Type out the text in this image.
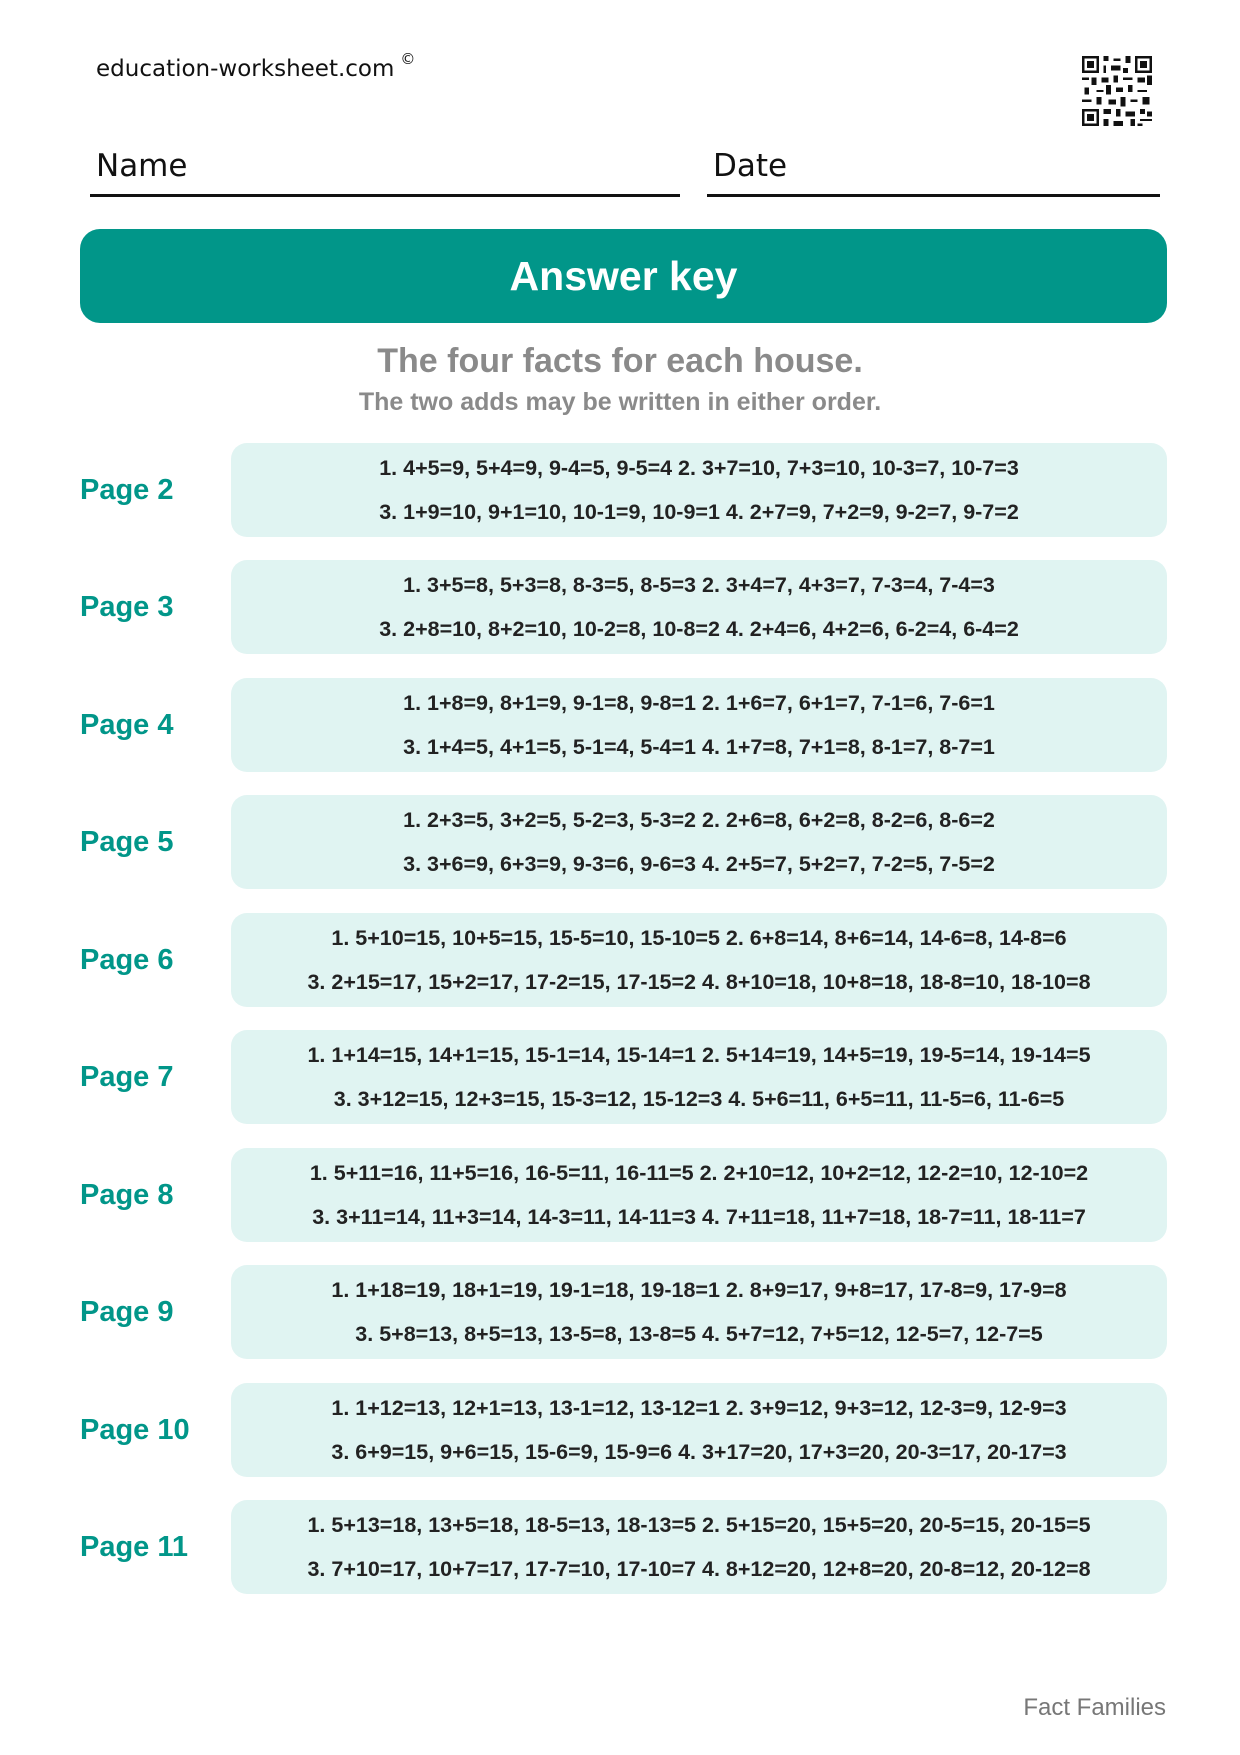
education-worksheet.com ©
Name	Date
Answer key
The four facts for each house.
The two adds may be written in either order.
Page 2
1. 4+5=9, 5+4=9, 9-4=5, 9-5=4 2. 3+7=10, 7+3=10, 10-3=7, 10-7=3
3. 1+9=10, 9+1=10, 10-1=9, 10-9=1 4. 2+7=9, 7+2=9, 9-2=7, 9-7=2
Page 3
1. 3+5=8, 5+3=8, 8-3=5, 8-5=3 2. 3+4=7, 4+3=7, 7-3=4, 7-4=3
3. 2+8=10, 8+2=10, 10-2=8, 10-8=2 4. 2+4=6, 4+2=6, 6-2=4, 6-4=2
Page 4
1. 1+8=9, 8+1=9, 9-1=8, 9-8=1 2. 1+6=7, 6+1=7, 7-1=6, 7-6=1
3. 1+4=5, 4+1=5, 5-1=4, 5-4=1 4. 1+7=8, 7+1=8, 8-1=7, 8-7=1
Page 5
1. 2+3=5, 3+2=5, 5-2=3, 5-3=2 2. 2+6=8, 6+2=8, 8-2=6, 8-6=2
3. 3+6=9, 6+3=9, 9-3=6, 9-6=3 4. 2+5=7, 5+2=7, 7-2=5, 7-5=2
Page 6
1. 5+10=15, 10+5=15, 15-5=10, 15-10=5 2. 6+8=14, 8+6=14, 14-6=8, 14-8=6
3. 2+15=17, 15+2=17, 17-2=15, 17-15=2 4. 8+10=18, 10+8=18, 18-8=10, 18-10=8
Page 7
1. 1+14=15, 14+1=15, 15-1=14, 15-14=1 2. 5+14=19, 14+5=19, 19-5=14, 19-14=5
3. 3+12=15, 12+3=15, 15-3=12, 15-12=3 4. 5+6=11, 6+5=11, 11-5=6, 11-6=5
Page 8
1. 5+11=16, 11+5=16, 16-5=11, 16-11=5 2. 2+10=12, 10+2=12, 12-2=10, 12-10=2
3. 3+11=14, 11+3=14, 14-3=11, 14-11=3 4. 7+11=18, 11+7=18, 18-7=11, 18-11=7
Page 9
1. 1+18=19, 18+1=19, 19-1=18, 19-18=1 2. 8+9=17, 9+8=17, 17-8=9, 17-9=8
3. 5+8=13, 8+5=13, 13-5=8, 13-8=5 4. 5+7=12, 7+5=12, 12-5=7, 12-7=5
Page 10
1. 1+12=13, 12+1=13, 13-1=12, 13-12=1 2. 3+9=12, 9+3=12, 12-3=9, 12-9=3
3. 6+9=15, 9+6=15, 15-6=9, 15-9=6 4. 3+17=20, 17+3=20, 20-3=17, 20-17=3
Page 11
1. 5+13=18, 13+5=18, 18-5=13, 18-13=5 2. 5+15=20, 15+5=20, 20-5=15, 20-15=5
3. 7+10=17, 10+7=17, 17-7=10, 17-10=7 4. 8+12=20, 12+8=20, 20-8=12, 20-12=8
Fact Families
